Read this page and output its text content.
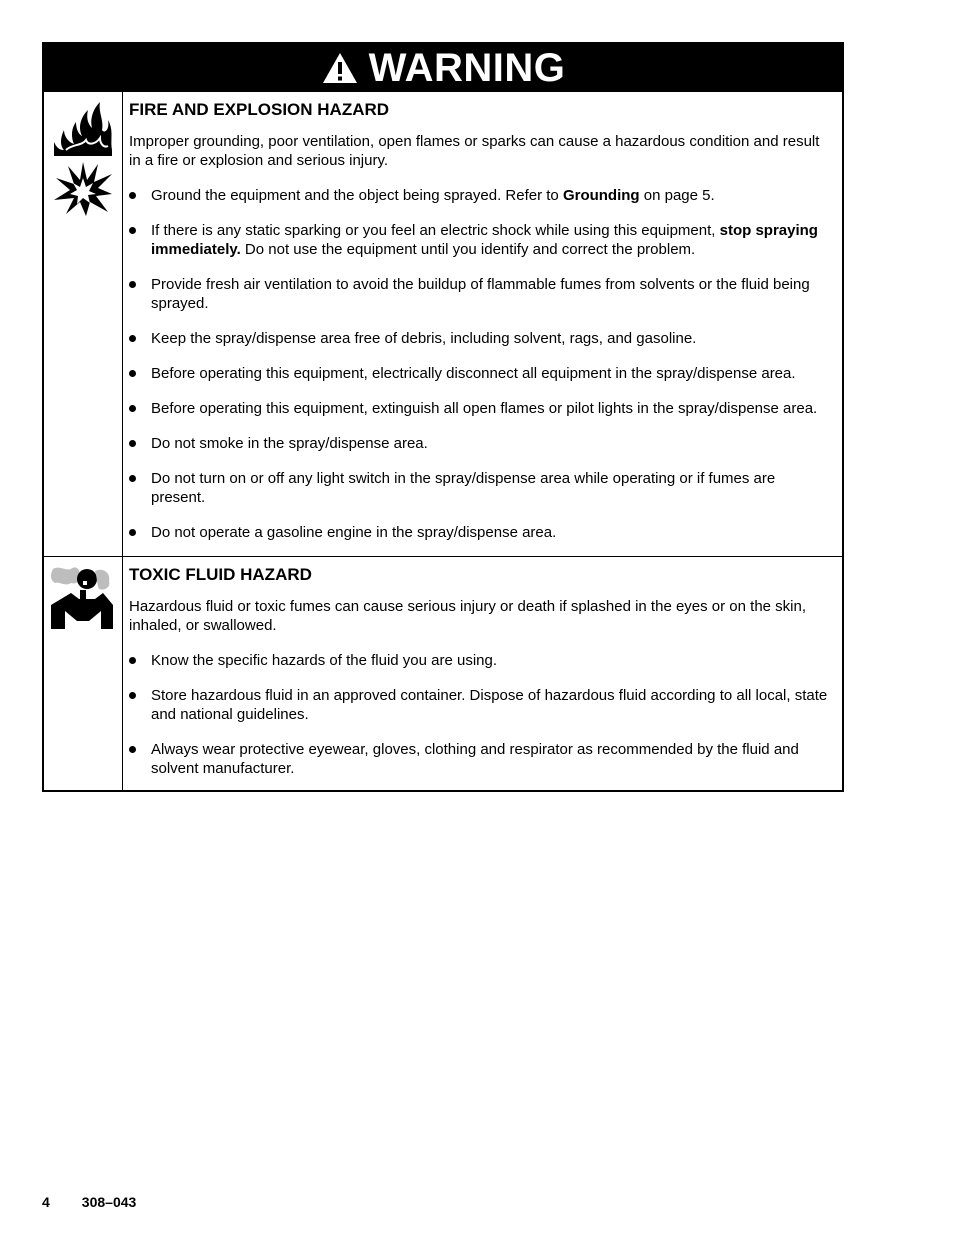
WARNING
FIRE AND EXPLOSION HAZARD

Improper grounding, poor ventilation, open flames or sparks can cause a hazardous condition and result in a fire or explosion and serious injury.

Ground the equipment and the object being sprayed. Refer to Grounding on page 5.
If there is any static sparking or you feel an electric shock while using this equipment, stop spraying immediately. Do not use the equipment until you identify and correct the problem.
Provide fresh air ventilation to avoid the buildup of flammable fumes from solvents or the fluid being sprayed.
Keep the spray/dispense area free of debris, including solvent, rags, and gasoline.
Before operating this equipment, electrically disconnect all equipment in the spray/dispense area.
Before operating this equipment, extinguish all open flames or pilot lights in the spray/dispense area.
Do not smoke in the spray/dispense area.
Do not turn on or off any light switch in the spray/dispense area while operating or if fumes are present.
Do not operate a gasoline engine in the spray/dispense area.
TOXIC FLUID HAZARD

Hazardous fluid or toxic fumes can cause serious injury or death if splashed in the eyes or on the skin, inhaled, or swallowed.

Know the specific hazards of the fluid you are using.
Store hazardous fluid in an approved container. Dispose of hazardous fluid according to all local, state and national guidelines.
Always wear protective eyewear, gloves, clothing and respirator as recommended by the fluid and solvent manufacturer.
4 308–043
